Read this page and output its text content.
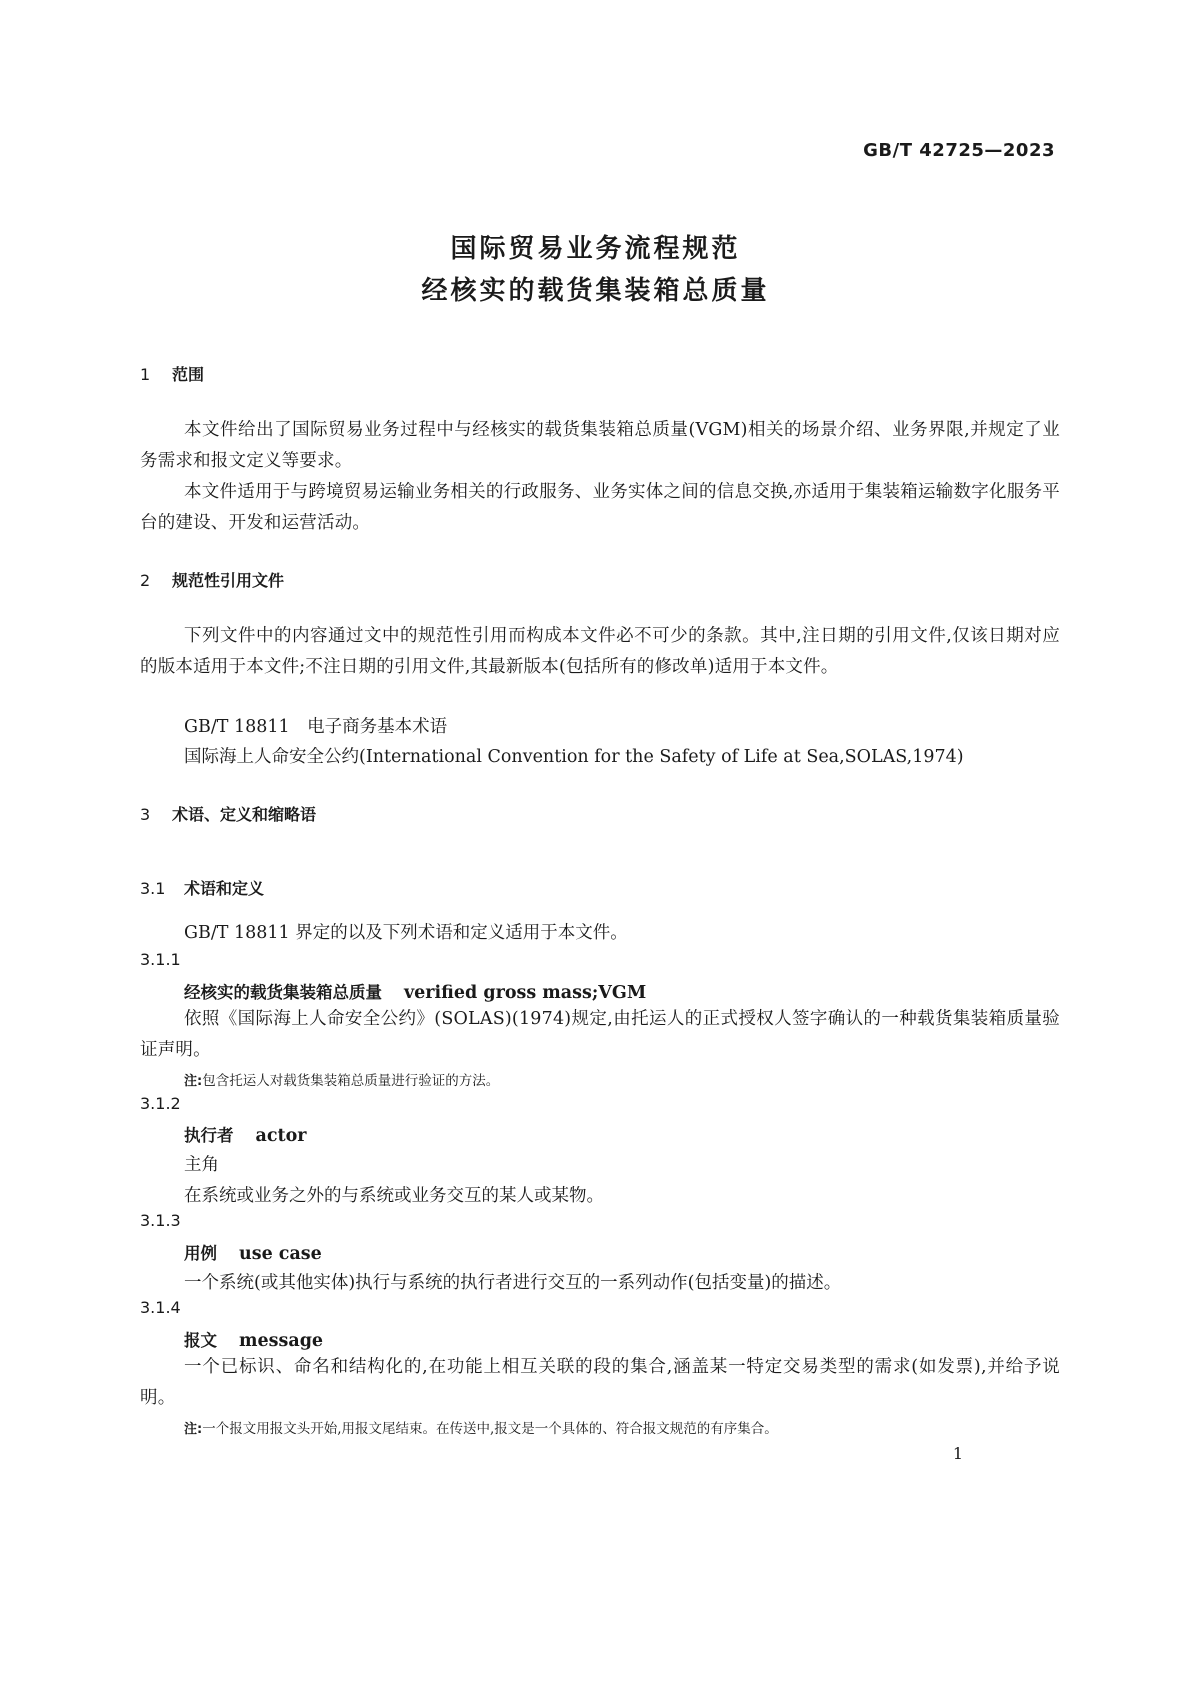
GB/T 42725—2023
国际贸易业务流程规范
经核实的载货集装箱总质量
1 范围
本文件给出了国际贸易业务过程中与经核实的载货集装箱总质量(VGM)相关的场景介绍、业务界限,并规定了业务需求和报文定义等要求。
本文件适用于与跨境贸易运输业务相关的行政服务、业务实体之间的信息交换,亦适用于集装箱运输数字化服务平台的建设、开发和运营活动。
2 规范性引用文件
下列文件中的内容通过文中的规范性引用而构成本文件必不可少的条款。其中,注日期的引用文件,仅该日期对应的版本适用于本文件;不注日期的引用文件,其最新版本(包括所有的修改单)适用于本文件。
GB/T 18811　电子商务基本术语
国际海上人命安全公约(International Convention for the Safety of Life at Sea,SOLAS,1974)
3 术语、定义和缩略语
3.1 术语和定义
GB/T 18811 界定的以及下列术语和定义适用于本文件。
3.1.1
经核实的载货集装箱总质量 verified gross mass;VGM
依照《国际海上人命安全公约》(SOLAS)(1974)规定,由托运人的正式授权人签字确认的一种载货集装箱质量验证声明。
注:包含托运人对载货集装箱总质量进行验证的方法。
3.1.2
执行者 actor
主角
在系统或业务之外的与系统或业务交互的某人或某物。
3.1.3
用例 use case
一个系统(或其他实体)执行与系统的执行者进行交互的一系列动作(包括变量)的描述。
3.1.4
报文 message
一个已标识、命名和结构化的,在功能上相互关联的段的集合,涵盖某一特定交易类型的需求(如发票),并给予说明。
注:一个报文用报文头开始,用报文尾结束。在传送中,报文是一个具体的、符合报文规范的有序集合。
1
